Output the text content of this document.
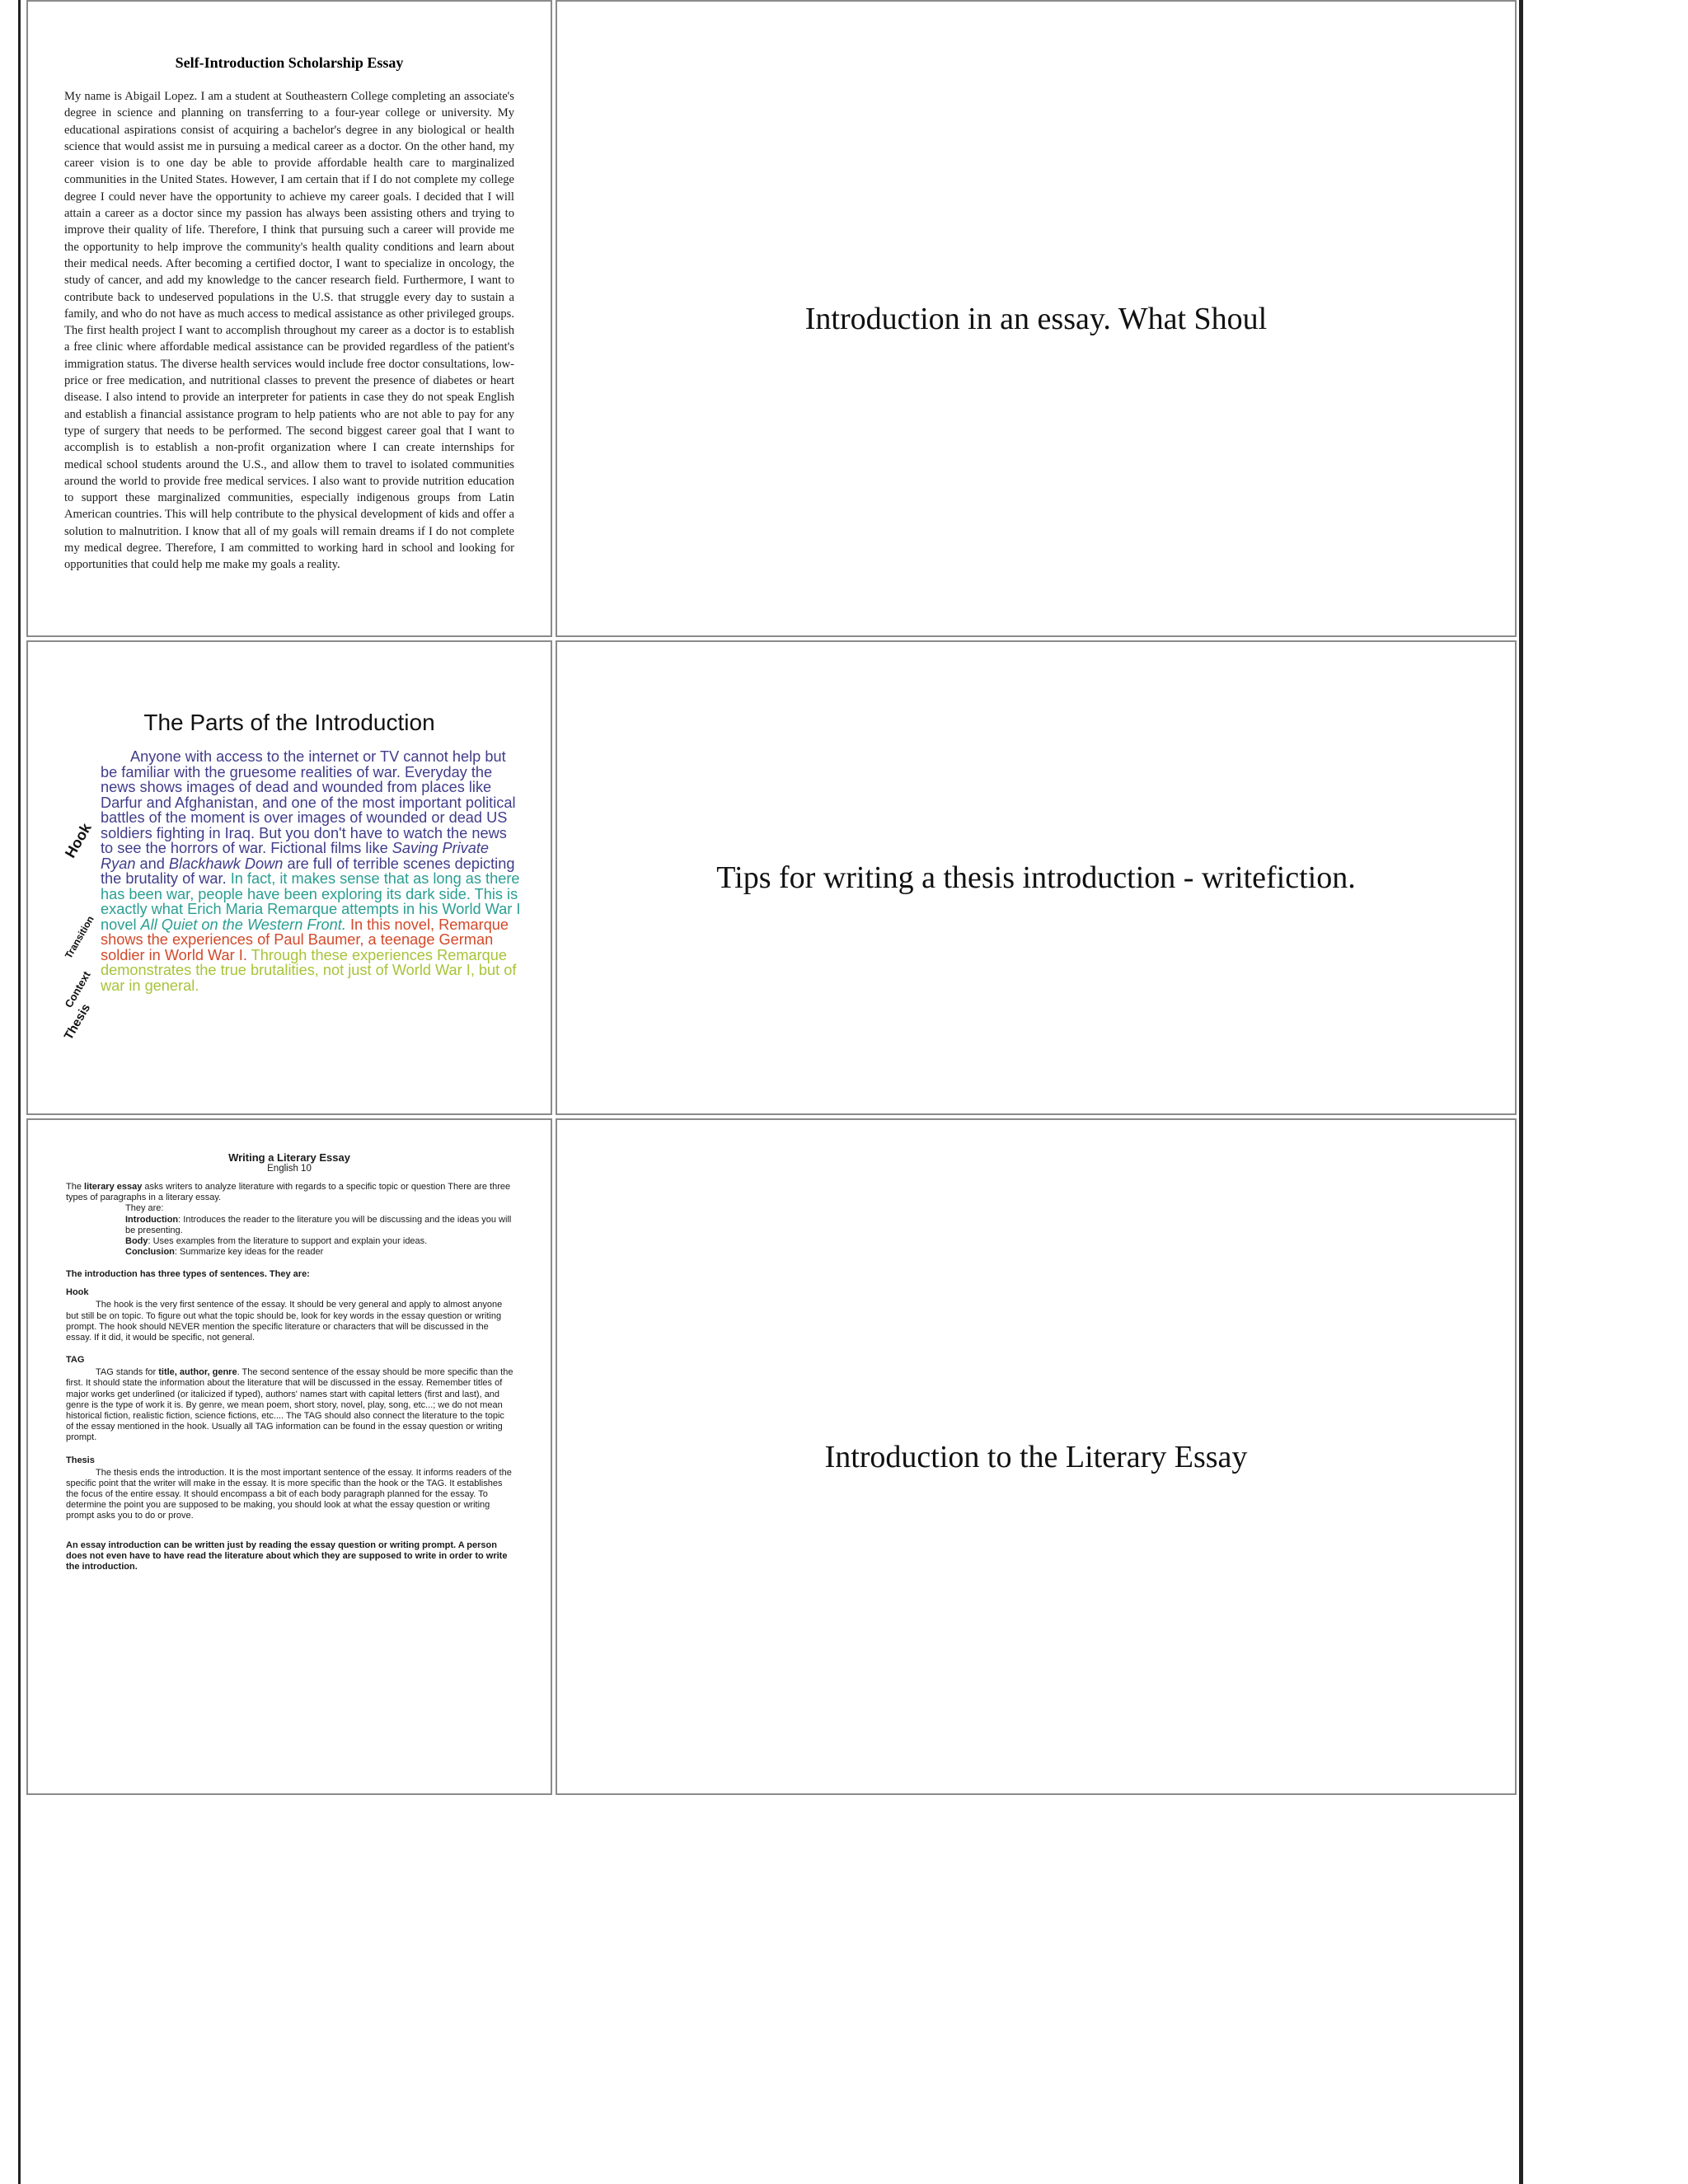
Self-Introduction Scholarship Essay
My name is Abigail Lopez. I am a student at Southeastern College completing an associate's degree in science and planning on transferring to a four-year college or university. My educational aspirations consist of acquiring a bachelor's degree in any biological or health science that would assist me in pursuing a medical career as a doctor. On the other hand, my career vision is to one day be able to provide affordable health care to marginalized communities in the United States. However, I am certain that if I do not complete my college degree I could never have the opportunity to achieve my career goals. I decided that I will attain a career as a doctor since my passion has always been assisting others and trying to improve their quality of life. Therefore, I think that pursuing such a career will provide me the opportunity to help improve the community's health quality conditions and learn about their medical needs. After becoming a certified doctor, I want to specialize in oncology, the study of cancer, and add my knowledge to the cancer research field. Furthermore, I want to contribute back to undeserved populations in the U.S. that struggle every day to sustain a family, and who do not have as much access to medical assistance as other privileged groups. The first health project I want to accomplish throughout my career as a doctor is to establish a free clinic where affordable medical assistance can be provided regardless of the patient's immigration status. The diverse health services would include free doctor consultations, low-price or free medication, and nutritional classes to prevent the presence of diabetes or heart disease. I also intend to provide an interpreter for patients in case they do not speak English and establish a financial assistance program to help patients who are not able to pay for any type of surgery that needs to be performed. The second biggest career goal that I want to accomplish is to establish a non-profit organization where I can create internships for medical school students around the U.S., and allow them to travel to isolated communities around the world to provide free medical services. I also want to provide nutrition education to support these marginalized communities, especially indigenous groups from Latin American countries. This will help contribute to the physical development of kids and offer a solution to malnutrition. I know that all of my goals will remain dreams if I do not complete my medical degree. Therefore, I am committed to working hard in school and looking for opportunities that could help me make my goals a reality.
Introduction in an essay. What Shoul
The Parts of the Introduction
Anyone with access to the internet or TV cannot help but be familiar with the gruesome realities of war. Everyday the news shows images of dead and wounded from places like Darfur and Afghanistan, and one of the most important political battles of the moment is over images of wounded or dead US soldiers fighting in Iraq. But you don't have to watch the news to see the horrors of war. Fictional films like Saving Private Ryan and Blackhawk Down are full of terrible scenes depicting the brutality of war. In fact, it makes sense that as long as there has been war, people have been exploring its dark side. This is exactly what Erich Maria Remarque attempts in his World War I novel All Quiet on the Western Front. In this novel, Remarque shows the experiences of Paul Baumer, a teenage German soldier in World War I. Through these experiences Remarque demonstrates the true brutalities, not just of World War I, but of war in general.
Hook
Transition
Context
Thesis
Tips for writing a thesis introduction - writefiction.
Writing a Literary Essay
English 10
The literary essay asks writers to analyze literature with regards to a specific topic or question There are three types of paragraphs in a literary essay.
They are:
Introduction: Introduces the reader to the literature you will be discussing and the ideas you will be presenting.
Body: Uses examples from the literature to support and explain your ideas.
Conclusion: Summarize key ideas for the reader
The introduction has three types of sentences. They are:
Hook
The hook is the very first sentence of the essay. It should be very general and apply to almost anyone but still be on topic. To figure out what the topic should be, look for key words in the essay question or writing prompt. The hook should NEVER mention the specific literature or characters that will be discussed in the essay. If it did, it would be specific, not general.
TAG
TAG stands for title, author, genre. The second sentence of the essay should be more specific than the first. It should state the information about the literature that will be discussed in the essay. Remember titles of major works get underlined (or italicized if typed), authors' names start with capital letters (first and last), and genre is the type of work it is. By genre, we mean poem, short story, novel, play, song, etc...; we do not mean historical fiction, realistic fiction, science fictions, etc.... The TAG should also connect the literature to the topic of the essay mentioned in the hook. Usually all TAG information can be found in the essay question or writing prompt.
Thesis
The thesis ends the introduction. It is the most important sentence of the essay. It informs readers of the specific point that the writer will make in the essay. It is more specific than the hook or the TAG. It establishes the focus of the entire essay. It should encompass a bit of each body paragraph planned for the essay. To determine the point you are supposed to be making, you should look at what the essay question or writing prompt asks you to do or prove.
An essay introduction can be written just by reading the essay question or writing prompt. A person does not even have to have read the literature about which they are supposed to write in order to write the introduction.
Introduction to the Literary Essay
